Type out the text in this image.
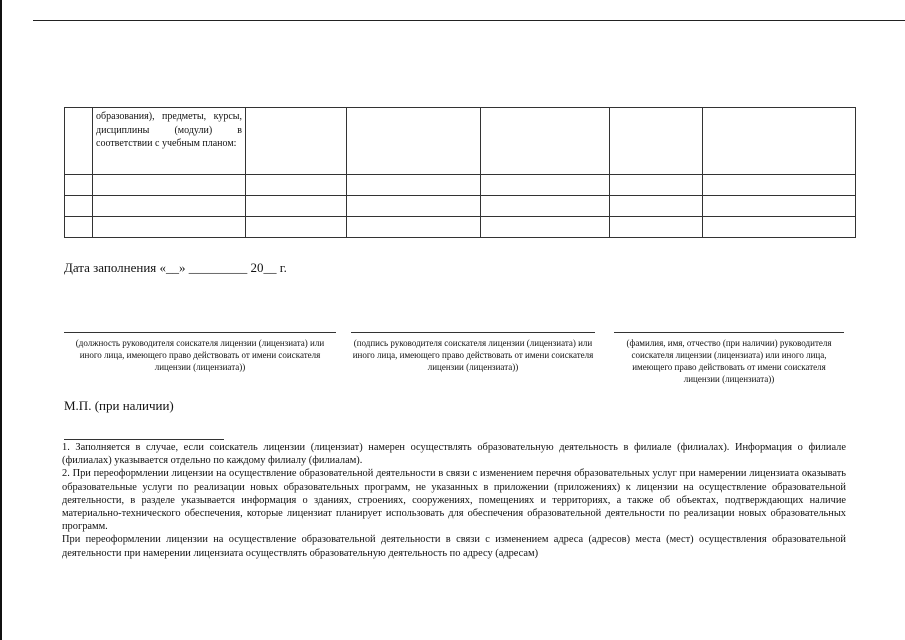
	образования), предметы, курсы, дисциплины (модули) в соответствии с учебным планом:					

Дата заполнения «__» _________ 20__ г.
(должность руководителя соискателя лицензии (лицензиата) или иного лица, имеющего право действовать от имени соискателя лицензии (лицензиата))
(подпись руководителя соискателя лицензии (лицензиата) или иного лица, имеющего право действовать от имени соискателя лицензии (лицензиата))
(фамилия, имя, отчество (при наличии) руководителя соискателя лицензии (лицензиата) или иного лица, имеющего право действовать от имени соискателя лицензии (лицензиата))
М.П. (при наличии)

1. Заполняется в случае, если соискатель лицензии (лицензиат) намерен осуществлять образовательную деятельность в филиале (филиалах). Информация о филиале (филиалах) указывается отдельно по каждому филиалу (филиалам).

2. При переоформлении лицензии на осуществление образовательной деятельности в связи с изменением перечня образовательных услуг при намерении лицензиата оказывать образовательные услуги по реализации новых образовательных программ, не указанных в приложении (приложениях) к лицензии на осуществление образовательной деятельности, в разделе указывается информация о зданиях, строениях, сооружениях, помещениях и территориях, а также об объектах, подтверждающих наличие материально-технического обеспечения, которые лицензиат планирует использовать для обеспечения образовательной деятельности по реализации новых образовательных программ.

При переоформлении лицензии на осуществление образовательной деятельности в связи с изменением адреса (адресов) места (мест) осуществления образовательной деятельности при намерении лицензиата осуществлять образовательную деятельность по адресу (адресам)
